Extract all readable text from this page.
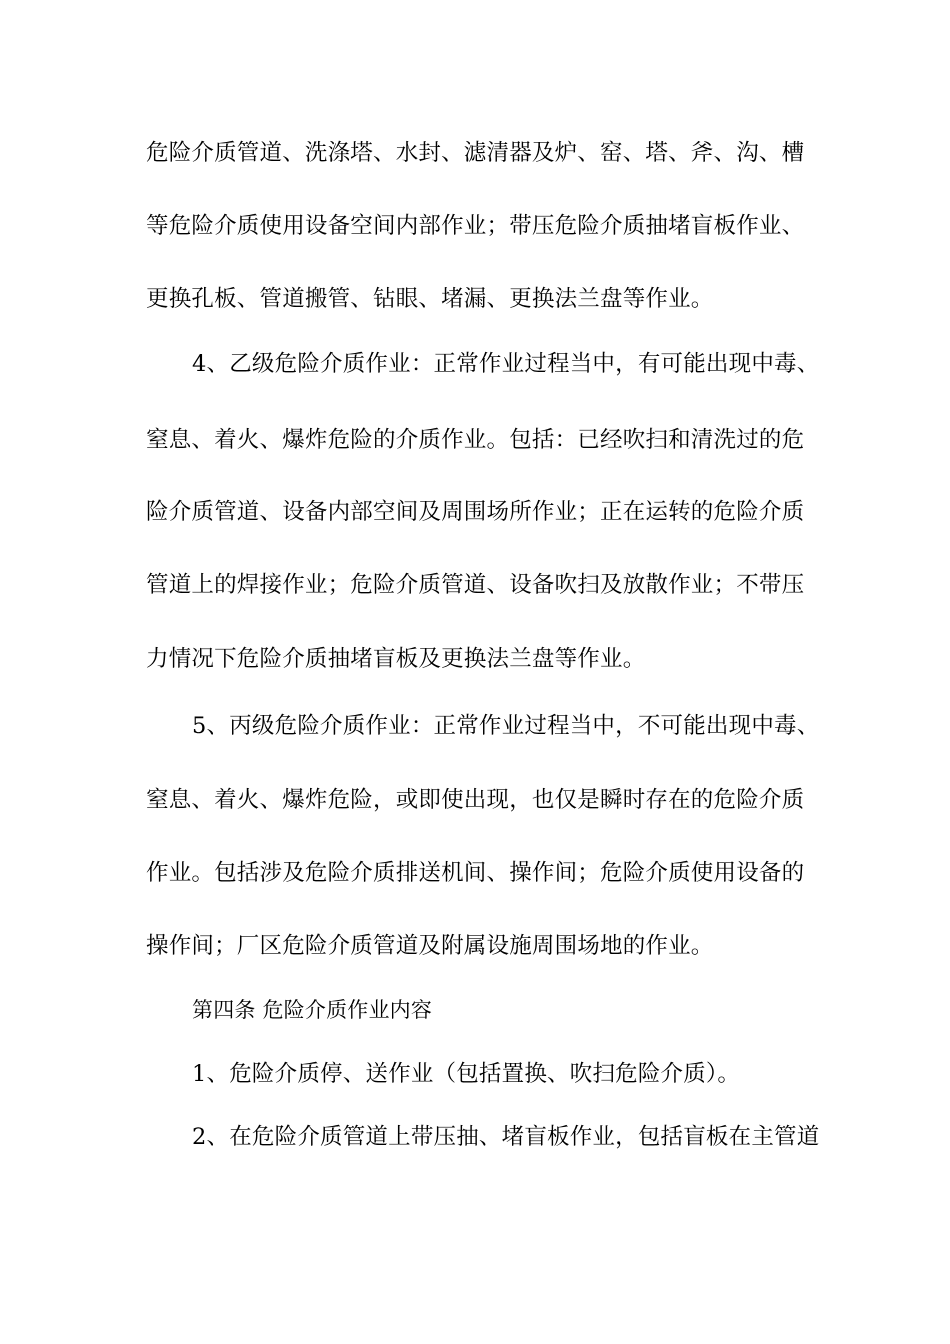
危险介质管道、洗涤塔、水封、滤清器及炉、窑、塔、斧、沟、槽
等危险介质使用设备空间内部作业；带压危险介质抽堵盲板作业、
更换孔板、管道搬管、钻眼、堵漏、更换法兰盘等作业。
4、乙级危险介质作业：正常作业过程当中，有可能出现中毒、
窒息、着火、爆炸危险的介质作业。包括：已经吹扫和清洗过的危
险介质管道、设备内部空间及周围场所作业；正在运转的危险介质
管道上的焊接作业；危险介质管道、设备吹扫及放散作业；不带压
力情况下危险介质抽堵盲板及更换法兰盘等作业。
5、丙级危险介质作业：正常作业过程当中，不可能出现中毒、
窒息、着火、爆炸危险，或即使出现，也仅是瞬时存在的危险介质
作业。包括涉及危险介质排送机间、操作间；危险介质使用设备的
操作间；厂区危险介质管道及附属设施周围场地的作业。
第四条 危险介质作业内容
1、危险介质停、送作业（包括置换、吹扫危险介质）。
2、在危险介质管道上带压抽、堵盲板作业，包括盲板在主管道
